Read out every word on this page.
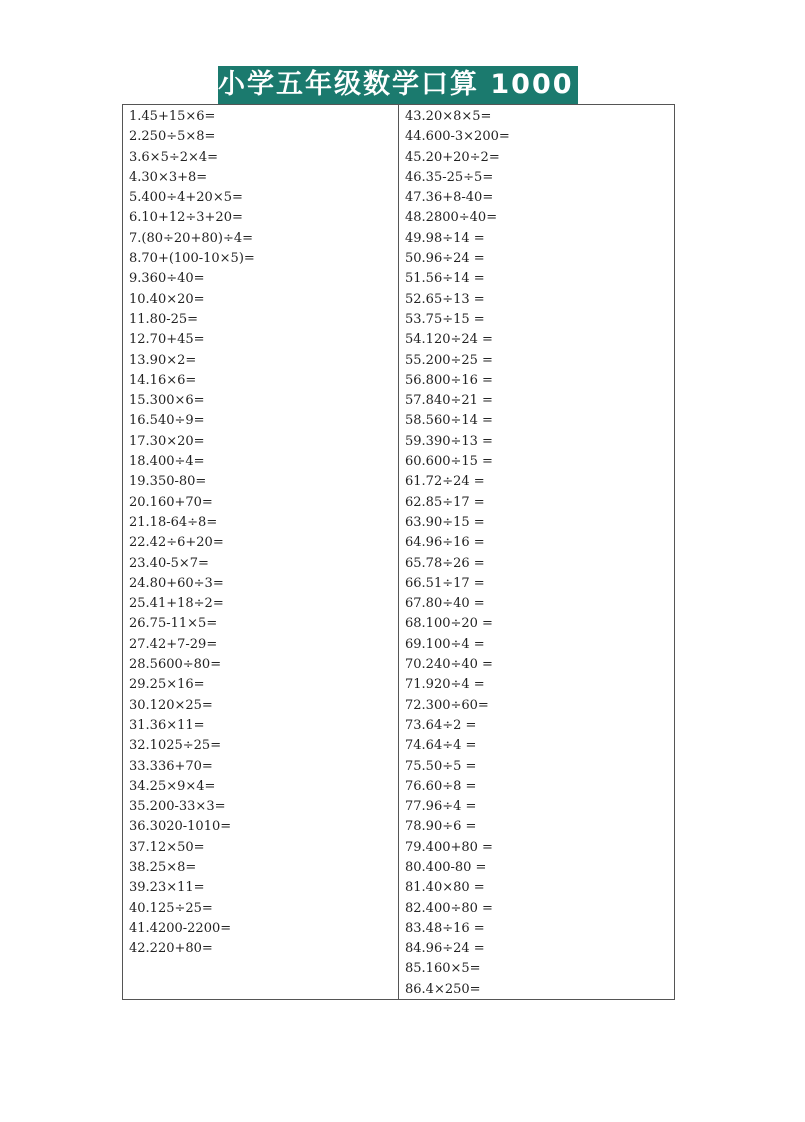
小学五年级数学口算 1000 题
1.45+15×6=
2.250÷5×8=
3.6×5÷2×4=
4.30×3+8=
5.400÷4+20×5=
6.10+12÷3+20=
7.(80÷20+80)÷4=
8.70+(100-10×5)=
9.360÷40=
10.40×20=
11.80-25=
12.70+45=
13.90×2=
14.16×6=
15.300×6=
16.540÷9=
17.30×20=
18.400÷4=
19.350-80=
20.160+70=
21.18-64÷8=
22.42÷6+20=
23.40-5×7=
24.80+60÷3=
25.41+18÷2=
26.75-11×5=
27.42+7-29=
28.5600÷80=
29.25×16=
30.120×25=
31.36×11=
32.1025÷25=
33.336+70=
34.25×9×4=
35.200-33×3=
36.3020-1010=
37.12×50=
38.25×8=
39.23×11=
40.125÷25=
41.4200-2200=
42.220+80=
43.20×8×5=
44.600-3×200=
45.20+20÷2=
46.35-25÷5=
47.36+8-40=
48.2800÷40=
49.98÷14 =
50.96÷24 =
51.56÷14 =
52.65÷13 =
53.75÷15 =
54.120÷24 =
55.200÷25 =
56.800÷16 =
57.840÷21 =
58.560÷14 =
59.390÷13 =
60.600÷15 =
61.72÷24 =
62.85÷17 =
63.90÷15 =
64.96÷16 =
65.78÷26 =
66.51÷17 =
67.80÷40 =
68.100÷20 =
69.100÷4 =
70.240÷40 =
71.920÷4 =
72.300÷60=
73.64÷2 =
74.64÷4 =
75.50÷5 =
76.60÷8 =
77.96÷4 =
78.90÷6 =
79.400+80 =
80.400-80 =
81.40×80 =
82.400÷80 =
83.48÷16 =
84.96÷24 =
85.160×5=
86.4×250=
